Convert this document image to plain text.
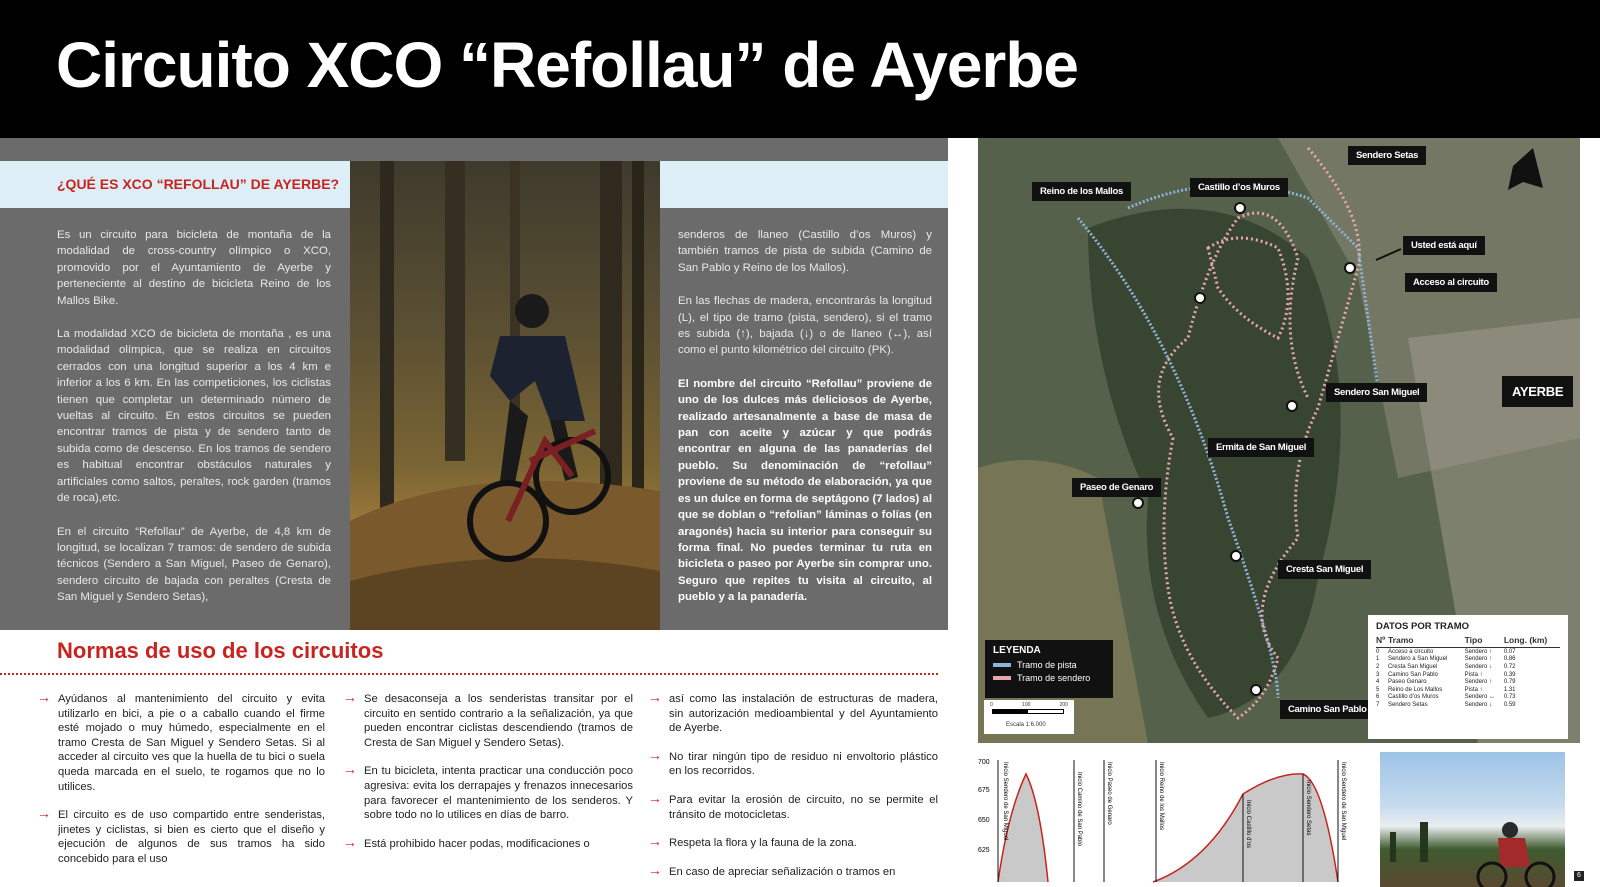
Circuito XCO “Refollau” de Ayerbe
¿QUÉ ES XCO “REFOLLAU” DE AYERBE?

Es un circuito para bicicleta de montaña de la modalidad de cross-country olímpico o XCO, promovido por el Ayuntamiento de Ayerbe y perteneciente al destino de bicicleta Reino de los Mallos Bike.

La modalidad XCO de bicicleta de montaña , es una modalidad olímpica, que se realiza en circuitos cerrados con una longitud superior a los 4 km e inferior a los 6 km. En las competiciones, los ciclistas tienen que completar un determinado número de vueltas al circuito. En estos circuitos se pueden encontrar tramos de pista y de sendero tanto de subida como de descenso. En los tramos de sendero es habitual encontrar obstáculos naturales y artificiales como saltos, peraltes, rock garden (tramos de roca),etc.

En el circuito “Refollau” de Ayerbe, de 4,8 km de longitud, se localizan 7 tramos: de sendero de subida técnicos (Sendero a San Miguel, Paseo de Genaro), sendero circuito de bajada con peraltes (Cresta de San Miguel y Sendero Setas),

senderos de llaneo (Castillo d’os Muros) y también tramos de pista de subida (Camino de San Pablo y Reino de los Mallos).

En las flechas de madera, encontrarás la longitud (L), el tipo de tramo (pista, sendero), si el tramo es subida (↑), bajada (↓) o de llaneo (↔), así como el punto kilométrico del circuito (PK).

El nombre del circuito “Refollau” proviene de uno de los dulces más deliciosos de Ayerbe, realizado artesanalmente a base de masa de pan con aceite y azúcar y que podrás encontrar en alguna de las panaderías del pueblo. Su denominación de “refollau” proviene de su método de elaboración, ya que es un dulce en forma de septágono (7 lados) al que se doblan o “refolian” láminas o folías (en aragonés) hacia su interior para conseguir su forma final. No puedes terminar tu ruta en bicicleta o paseo por Ayerbe sin comprar uno. Seguro que repites tu visita al circuito, al pueblo y a la panadería.

Normas de uso de los circuitos
→ Ayúdanos al mantenimiento del circuito y evita utilizarlo en bici, a pie o a caballo cuando el firme esté mojado o muy húmedo, especialmente en el tramo Cresta de San Miguel y Sendero Setas. Si al acceder al circuito ves que la huella de tu bici o suela queda marcada en el suelo, te rogamos que no lo utilices.
→ El circuito es de uso compartido entre senderistas, jinetes y ciclistas, si bien es cierto que el diseño y ejecución de algunos de sus tramos ha sido concebido para el uso
→ Se desaconseja a los senderistas transitar por el circuito en sentido contrario a la señalización, ya que pueden encontrar ciclistas descendiendo (tramos de Cresta de San Miguel y Sendero Setas).
→ En tu bicicleta, intenta practicar una conducción poco agresiva: evita los derrapajes y frenazos innecesarios para favorecer el mantenimiento de los senderos. Y sobre todo no lo utilices en días de barro.
→ Está prohibido hacer podas, modificaciones o
→ así como las instalación de estructuras de madera, sin autorización medioambiental y del Ayuntamiento de Ayerbe.
→ No tirar ningún tipo de residuo ni envoltorio plástico en los recorridos.
→ Para evitar la erosión de circuito, no se permite el tránsito de motocicletas.
→ Respeta la flora y la fauna de la zona.
→ En caso de apreciar señalización o tramos en
Reino de los Mallos	Castillo d’os Muros
Sendero Setas
Usted está aquí
Acceso al circuito
AYERBE
Sendero San Miguel
Ermita de San Miguel
Paseo de Genaro
Cresta San Miguel
Camino San Pablo
LEYENDA
Tramo de pista
Tramo de sendero
0	100	200
Escala 1:6.000
DATOS POR TRAMO
Nº	Tramo	Tipo	Long. (km)
0	Acceso a circuito	Sendero ↑	0.07
1	Sendero a San Miguel	Sendero ↑	0.86
2	Cresta San Miguel	Sendero ↓	0.72
3	Camino San Pablo	Pista ↑	0.39
4	Paseo Genaro	Sendero ↑	0.79
5	Reino de Los Mallos	Pista ↑	1.31
6	Castillo d’os Muros	Sendero ↔	0.73
7	Sendero Setas	Sendero ↓	0.59
700
675
650
625
Inicio Sendero de San Miguel	Inicio Camino de San Pablo	Inicio Paseo de Genaro	Inicio Reino de los Mallos	Inicio Castillo d’os	Inicio Sendero Setas	Inicio Sendero de San Miguel
6
